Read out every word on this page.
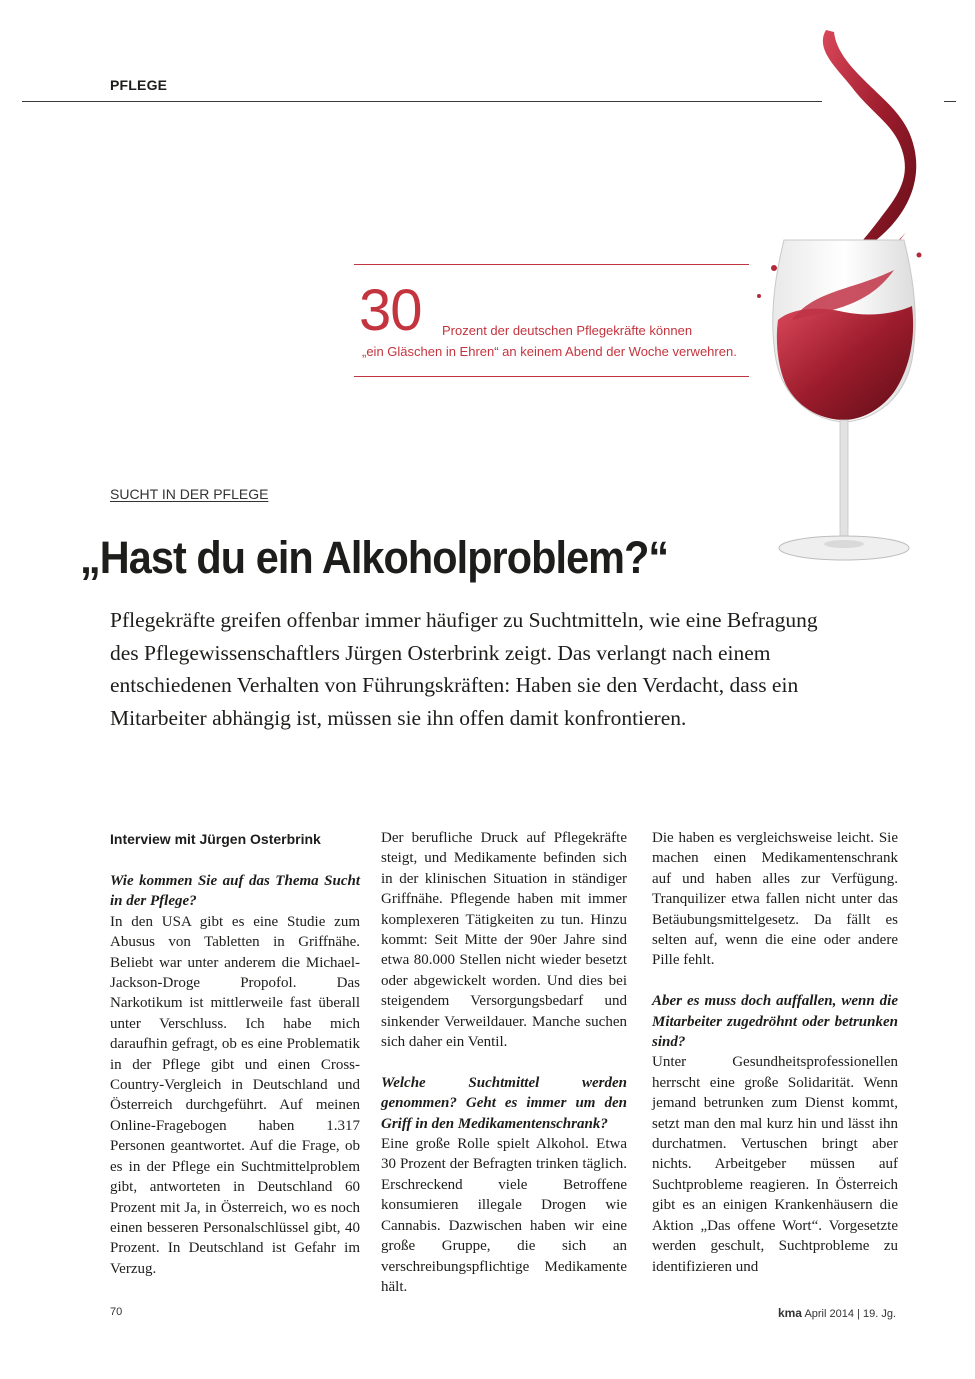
PFLEGE
30 Prozent der deutschen Pflegekräfte können
„ein Gläschen in Ehren“ an keinem Abend der Woche verwehren.
SUCHT IN DER PFLEGE
„Hast du ein Alkoholproblem?“

Pflegekräfte greifen offenbar immer häufiger zu Suchtmitteln, wie eine Befragung

des Pflegewissenschaftlers Jürgen Osterbrink zeigt. Das verlangt nach einem

entschiedenen Verhalten von Führungskräften: Haben sie den Verdacht, dass ein

Mitarbeiter abhängig ist, müssen sie ihn offen damit konfrontieren.

Interview mit Jürgen Osterbrink

Wie kommen Sie auf das Thema Sucht in der Pflege?

In den USA gibt es eine Studie zum Abusus von Tabletten in Griffnähe. Beliebt war unter anderem die Michael-Jackson-Droge Propofol. Das Narkotikum ist mittlerweile fast überall unter Verschluss. Ich habe mich daraufhin gefragt, ob es eine Problematik in der Pflege gibt und einen Cross-Country-Vergleich in Deutschland und Österreich durchgeführt. Auf meinen Online-Fragebogen haben 1.317 Personen geantwortet. Auf die Frage, ob es in der Pflege ein Suchtmittelproblem gibt, antworteten in Deutschland 60 Prozent mit Ja, in Österreich, wo es noch einen besseren Personalschlüssel gibt, 40 Prozent. In Deutschland ist Gefahr im Verzug.

Der berufliche Druck auf Pflegekräfte steigt, und Medikamente befinden sich in der klinischen Situation in ständiger Griffnähe. Pflegende haben mit immer komplexeren Tätigkeiten zu tun. Hinzu kommt: Seit Mitte der 90er Jahre sind etwa 80.000 Stellen nicht wieder besetzt oder abgewickelt worden. Und dies bei steigendem Versorgungsbedarf und sinkender Verweildauer. Manche suchen sich daher ein Ventil.

Welche Suchtmittel werden genommen? Geht es immer um den Griff in den Medikamentenschrank?

Eine große Rolle spielt Alkohol. Etwa 30 Prozent der Befragten trinken täglich. Erschreckend viele Betroffene konsumieren illegale Drogen wie Cannabis. Dazwischen haben wir eine große Gruppe, die sich an verschreibungspflichtige Medikamente hält.

Die haben es vergleichsweise leicht. Sie machen einen Medikamentenschrank auf und haben alles zur Verfügung. Tranquilizer etwa fallen nicht unter das Betäubungsmittelgesetz. Da fällt es selten auf, wenn die eine oder andere Pille fehlt.

Aber es muss doch auffallen, wenn die Mitarbeiter zugedröhnt oder betrunken sind?

Unter Gesundheitsprofessionellen herrscht eine große Solidarität. Wenn jemand betrunken zum Dienst kommt, setzt man den mal kurz hin und lässt ihn durchatmen. Vertuschen bringt aber nichts. Arbeitgeber müssen auf Suchtprobleme reagieren. In Österreich gibt es an einigen Krankenhäusern die Aktion „Das offene Wort“. Vorgesetzte werden geschult, Suchtprobleme zu identifizieren und

70	kma April 2014 | 19. Jg.
